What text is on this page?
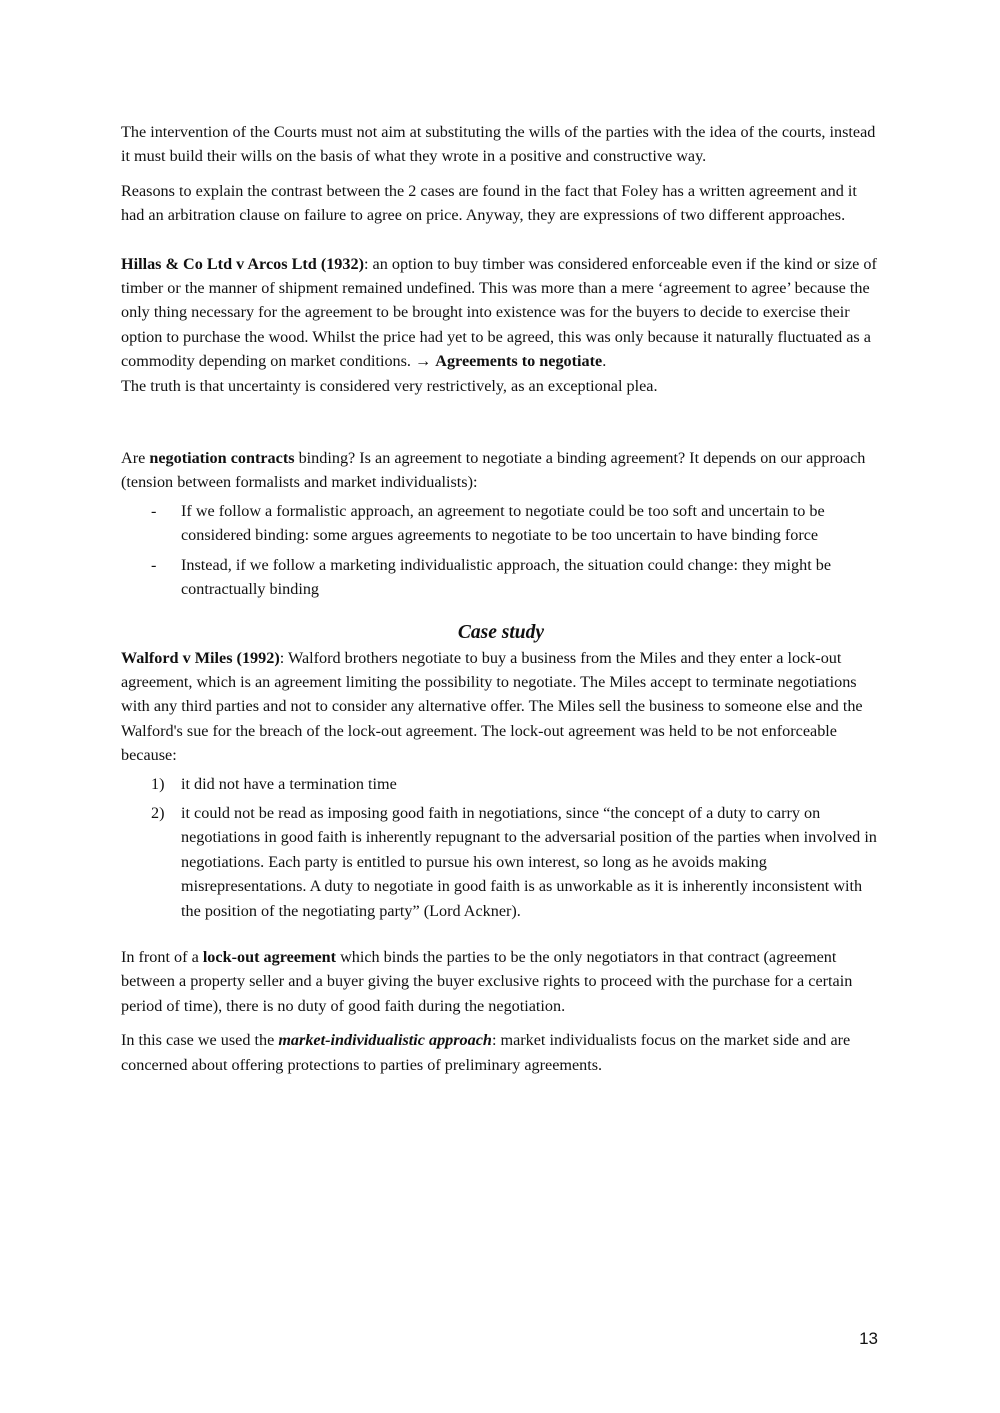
The intervention of the Courts must not aim at substituting the wills of the parties with the idea of the courts, instead it must build their wills on the basis of what they wrote in a positive and constructive way.

Reasons to explain the contrast between the 2 cases are found in the fact that Foley has a written agreement and it had an arbitration clause on failure to agree on price. Anyway, they are expressions of two different approaches.

Hillas & Co Ltd v Arcos Ltd (1932): an option to buy timber was considered enforceable even if the kind or size of timber or the manner of shipment remained undefined. This was more than a mere ‘agreement to agree’ because the only thing necessary for the agreement to be brought into existence was for the buyers to decide to exercise their option to purchase the wood. Whilst the price had yet to be agreed, this was only because it naturally fluctuated as a commodity depending on market conditions. → Agreements to negotiate.

The truth is that uncertainty is considered very restrictively, as an exceptional plea.

Are negotiation contracts binding? Is an agreement to negotiate a binding agreement? It depends on our approach (tension between formalists and market individualists):

- If we follow a formalistic approach, an agreement to negotiate could be too soft and uncertain to be considered binding: some argues agreements to negotiate to be too uncertain to have binding force
- Instead, if we follow a marketing individualistic approach, the situation could change: they might be contractually binding
Case study

Walford v Miles (1992): Walford brothers negotiate to buy a business from the Miles and they enter a lock-out agreement, which is an agreement limiting the possibility to negotiate. The Miles accept to terminate negotiations with any third parties and not to consider any alternative offer. The Miles sell the business to someone else and the Walford's sue for the breach of the lock-out agreement. The lock-out agreement was held to be not enforceable because:

1) it did not have a termination time
2) it could not be read as imposing good faith in negotiations, since “the concept of a duty to carry on negotiations in good faith is inherently repugnant to the adversarial position of the parties when involved in negotiations. Each party is entitled to pursue his own interest, so long as he avoids making misrepresentations. A duty to negotiate in good faith is as unworkable as it is inherently inconsistent with the position of the negotiating party” (Lord Ackner).

In front of a lock-out agreement which binds the parties to be the only negotiators in that contract (agreement between a property seller and a buyer giving the buyer exclusive rights to proceed with the purchase for a certain period of time), there is no duty of good faith during the negotiation.

In this case we used the market-individualistic approach: market individualists focus on the market side and are concerned about offering protections to parties of preliminary agreements.

13
